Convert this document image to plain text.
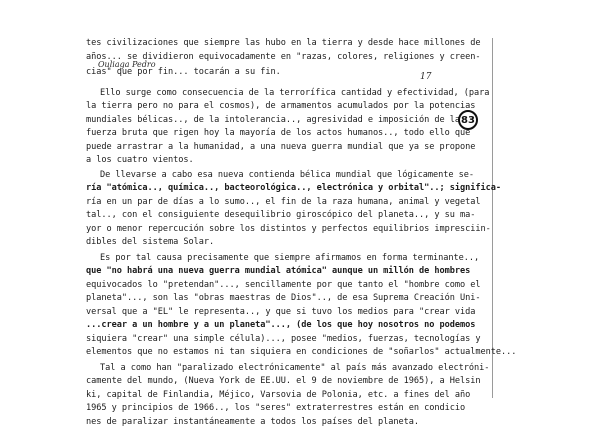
tes civilizaciones que siempre las hubo en la tierra y desde hace millones de
años... se dividieron equivocadamente en "razas, colores, religiones y creen-
Ouliaga Pedro
cias" que por fin... tocarán a su fin.	17
Ello surge como consecuencia de la terrorífica cantidad y efectividad, (para
la tierra pero no para el cosmos), de armamentos acumulados por la potencias
mundiales bélicas.., de la intolerancia.., agresividad e imposición de la
fuerza bruta que rigen hoy la mayoría de los actos humanos.., todo ello que
puede arrastrar a la humanidad, a una nueva guerra mundial que ya se propone
a los cuatro vientos.
83
De llevarse a cabo esa nueva contienda bélica mundial que lógicamente se-
ría "atómica.., química.., bacteorológica.., electrónica y orbital"..; significa-
ría en un par de días a lo sumo.., el fin de la raza humana, animal y vegetal
tal.., con el consiguiente desequilibrio giroscópico del planeta.., y su ma-
yor o menor repercución sobre los distintos y perfectos equilibrios impresciin-
dibles del sistema Solar.
Es por tal causa precisamente que siempre afirmamos en forma terminante..,
que "no habrá una nueva guerra mundial atómica" aunque un millón de hombres
equivocados lo "pretendan"..., sencillamente por que tanto el "hombre como el
planeta"..., son las "obras maestras de Dios".., de esa Suprema Creación Uni-
versal que a "EL" le representa.., y que si tuvo los medios para "crear vida
...crear a un hombre y a un planeta"..., (de los que hoy nosotros no podemos
siquiera "crear" una simple célula)..., posee "medios, fuerzas, tecnologías y
elementos que no estamos ni tan siquiera en condiciones de "soñarlos" actualmente...
Tal a como han "paralizado electrónicamente" al país más avanzado electróni-
camente del mundo, (Nueva York de EE.UU. el 9 de noviembre de 1965), a Helsin
ki, capital de Finlandia, Méjico, Varsovia de Polonia, etc. a fines del año
1965 y principios de 1966.., los "seres" extraterrestres están en condicio
nes de paralizar instantáneamente a todos los países del planeta.
